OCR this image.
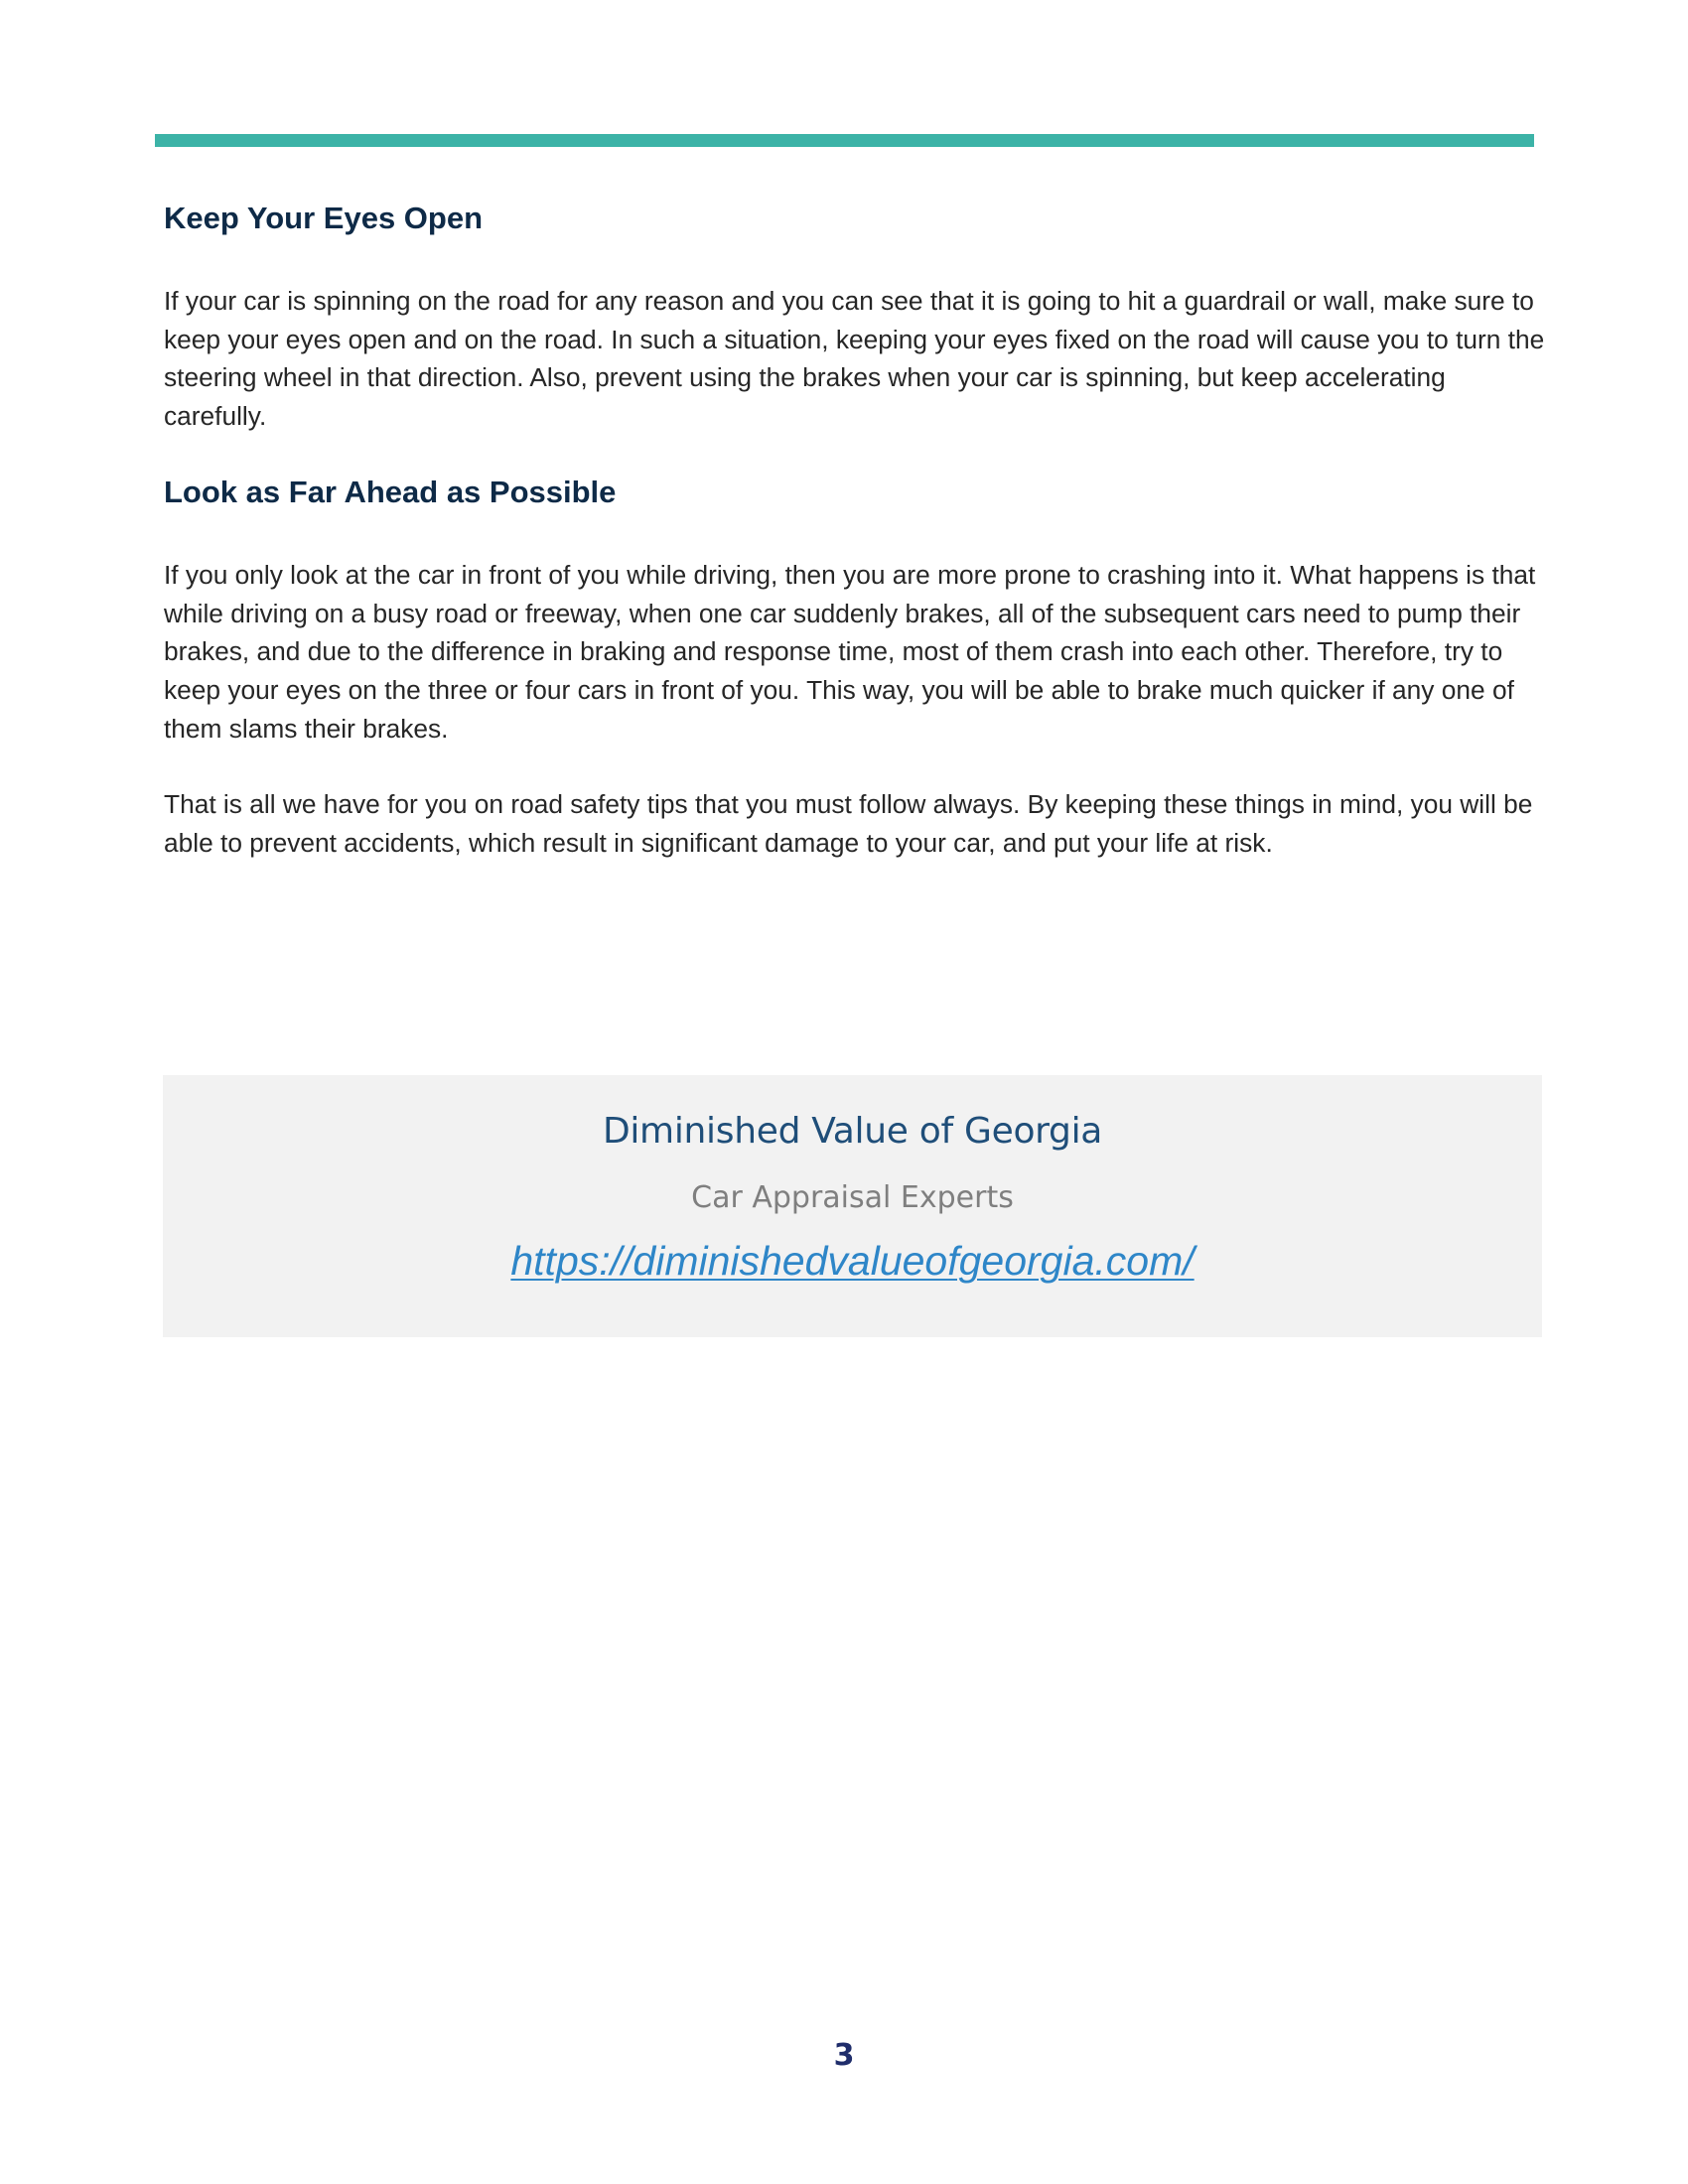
Keep Your Eyes Open

If your car is spinning on the road for any reason and you can see that it is going to hit a guardrail or wall, make sure to keep your eyes open and on the road. In such a situation, keeping your eyes fixed on the road will cause you to turn the steering wheel in that direction. Also, prevent using the brakes when your car is spinning, but keep accelerating carefully.

Look as Far Ahead as Possible

If you only look at the car in front of you while driving, then you are more prone to crashing into it. What happens is that while driving on a busy road or freeway, when one car suddenly brakes, all of the subsequent cars need to pump their brakes, and due to the difference in braking and response time, most of them crash into each other. Therefore, try to keep your eyes on the three or four cars in front of you. This way, you will be able to brake much quicker if any one of them slams their brakes.

That is all we have for you on road safety tips that you must follow always. By keeping these things in mind, you will be able to prevent accidents, which result in significant damage to your car, and put your life at risk.

Diminished Value of Georgia
Car Appraisal Experts
https://diminishedvalueofgeorgia.com/
3
